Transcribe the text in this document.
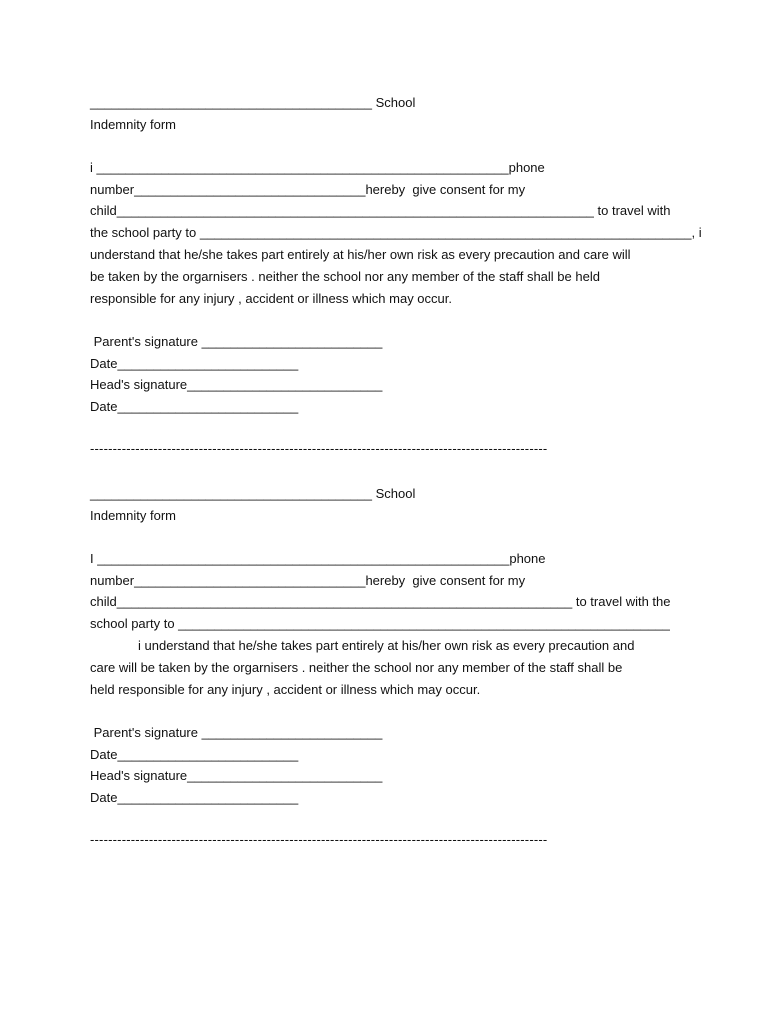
_______________________________________ School
Indemnity form
i _________________________________________________________phone
number________________________________hereby  give consent for my
child__________________________________________________________________ to travel with
the school party to ____________________________________________________________________, i
understand that he/she takes part entirely at his/her own risk as every precaution and care will
be taken by the orgarnisers . neither the school nor any member of the staff shall be held
responsible for any injury , accident or illness which may occur.
Parent's signature _________________________
Date_________________________
Head's signature___________________________
Date_________________________
-----------------------------------------------------------------------------------------------------
_______________________________________ School
Indemnity form
I _________________________________________________________phone
number________________________________hereby  give consent for my
child_______________________________________________________________ to travel with the
school party to ____________________________________________________________________
i understand that he/she takes part entirely at his/her own risk as every precaution and
care will be taken by the orgarnisers . neither the school nor any member of the staff shall be
held responsible for any injury , accident or illness which may occur.
Parent's signature _________________________
Date_________________________
Head's signature___________________________
Date_________________________
-----------------------------------------------------------------------------------------------------
